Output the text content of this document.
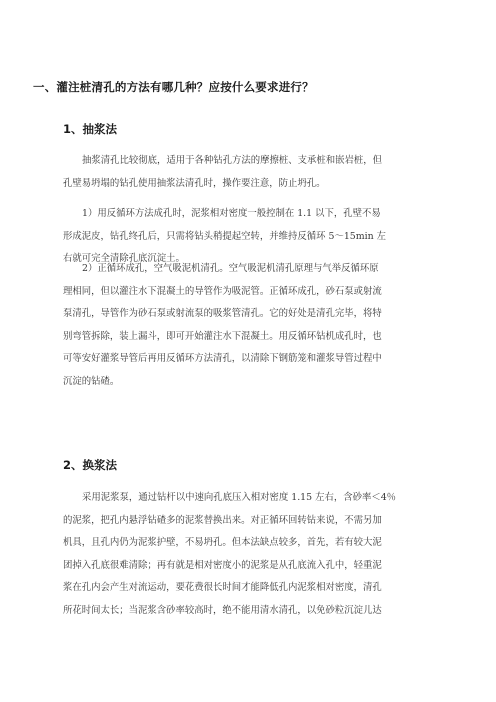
一、灌注桩清孔的方法有哪几种？应按什么要求进行？
1、抽浆法
抽浆清孔比较彻底，适用于各种钻孔方法的摩擦桩、支承桩和嵌岩桩，但
孔壁易坍塌的钻孔使用抽浆法清孔时，操作要注意，防止坍孔。
1）用反循环方法成孔时，泥浆相对密度一般控制在 1.1 以下，孔壁不易
形成泥皮，钻孔终孔后，只需将钻头稍提起空转，并维持反循环 5～15min 左
右就可完全清除孔底沉淀土。
2）正循环成孔，空气吸泥机清孔。空气吸泥机清孔原理与气举反循环原
理相同，但以灌注水下混凝土的导管作为吸泥管。正循环成孔，砂石泵或射流
泵清孔，导管作为砂石泵或射流泵的吸浆管清孔。它的好处是清孔完毕，将特
别弯管拆除，装上漏斗，即可开始灌注水下混凝土。用反循环钻机成孔时，也
可等安好灌浆导管后再用反循环方法清孔，以清除下钢筋笼和灌浆导管过程中
沉淀的钻碴。
2、换浆法
采用泥浆泵，通过钻杆以中速向孔底压入相对密度 1.15 左右，含砂率＜4％
的泥浆，把孔内悬浮钻碴多的泥浆替换出来。对正循环回转钻来说，不需另加
机具，且孔内仍为泥浆护壁，不易坍孔。但本法缺点较多，首先，若有较大泥
团掉入孔底很难清除；再有就是相对密度小的泥浆是从孔底流入孔中，轻重泥
浆在孔内会产生对流运动，要花费很长时间才能降低孔内泥浆相对密度，清孔
所花时间太长；当泥浆含砂率较高时，绝不能用清水清孔，以免砂粒沉淀儿达
